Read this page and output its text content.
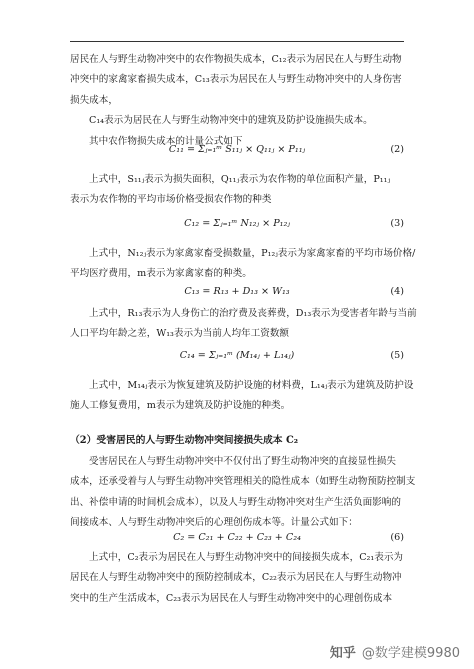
居民在人与野生动物冲突中的农作物损失成本，C₁₂表示为居民在人与野生动物
冲突中的家禽家畜损失成本，C₁₃表示为居民在人与野生动物冲突中的人身伤害
损失成本，
C₁₄表示为居民在人与野生动物冲突中的建筑及防护设施损失成本。
其中农作物损失成本的计量公式如下
C₁₁ = Σⱼ₌₁ᵐ S₁₁ⱼ × Q₁₁ⱼ × P₁₁ⱼ	(2)
上式中，S₁₁ⱼ表示为损失面积，Q₁₁ⱼ表示为农作物的单位面积产量，P₁₁ⱼ
表示为农作物的平均市场价格受损农作物的种类
C₁₂ = Σⱼ₌₁ᵐ N₁₂ⱼ × P₁₂ⱼ	(3)
上式中，N₁₂ⱼ表示为家禽家畜受损数量，P₁₂ⱼ表示为家禽家畜的平均市场价格/
平均医疗费用，m表示为家禽家畜的种类。
C₁₃ = R₁₃ + D₁₃ × W₁₃	(4)
上式中，R₁₃表示为人身伤亡的治疗费及丧葬费，D₁₃表示为受害者年龄与当前
人口平均年龄之差，W₁₃表示为当前人均年工资数额
C₁₄ = Σⱼ₌₁ᵐ (M₁₄ⱼ + L₁₄ⱼ)	(5)
上式中，M₁₄ⱼ表示为恢复建筑及防护设施的材料费，L₁₄ⱼ表示为建筑及防护设
施人工修复费用，m表示为建筑及防护设施的种类。
（2）受害居民的人与野生动物冲突间接损失成本 C₂
受害居民在人与野生动物冲突中不仅付出了野生动物冲突的直接显性损失
成本，还承受着与人与野生动物冲突管理相关的隐性成本（如野生动物预防控制支
出、补偿申请的时间机会成本），以及人与野生动物冲突对生产生活负面影响的
间接成本、人与野生动物冲突后的心理创伤成本等。计量公式如下：
C₂ = C₂₁ + C₂₂ + C₂₃ + C₂₄	(6)
上式中，C₂表示为居民在人与野生动物冲突中的间接损失成本，C₂₁表示为
居民在人与野生动物冲突中的预防控制成本，C₂₂表示为居民在人与野生动物冲
突中的生产生活成本，C₂₃表示为居民在人与野生动物冲突中的心理创伤成本
知乎 @数学建模9980
